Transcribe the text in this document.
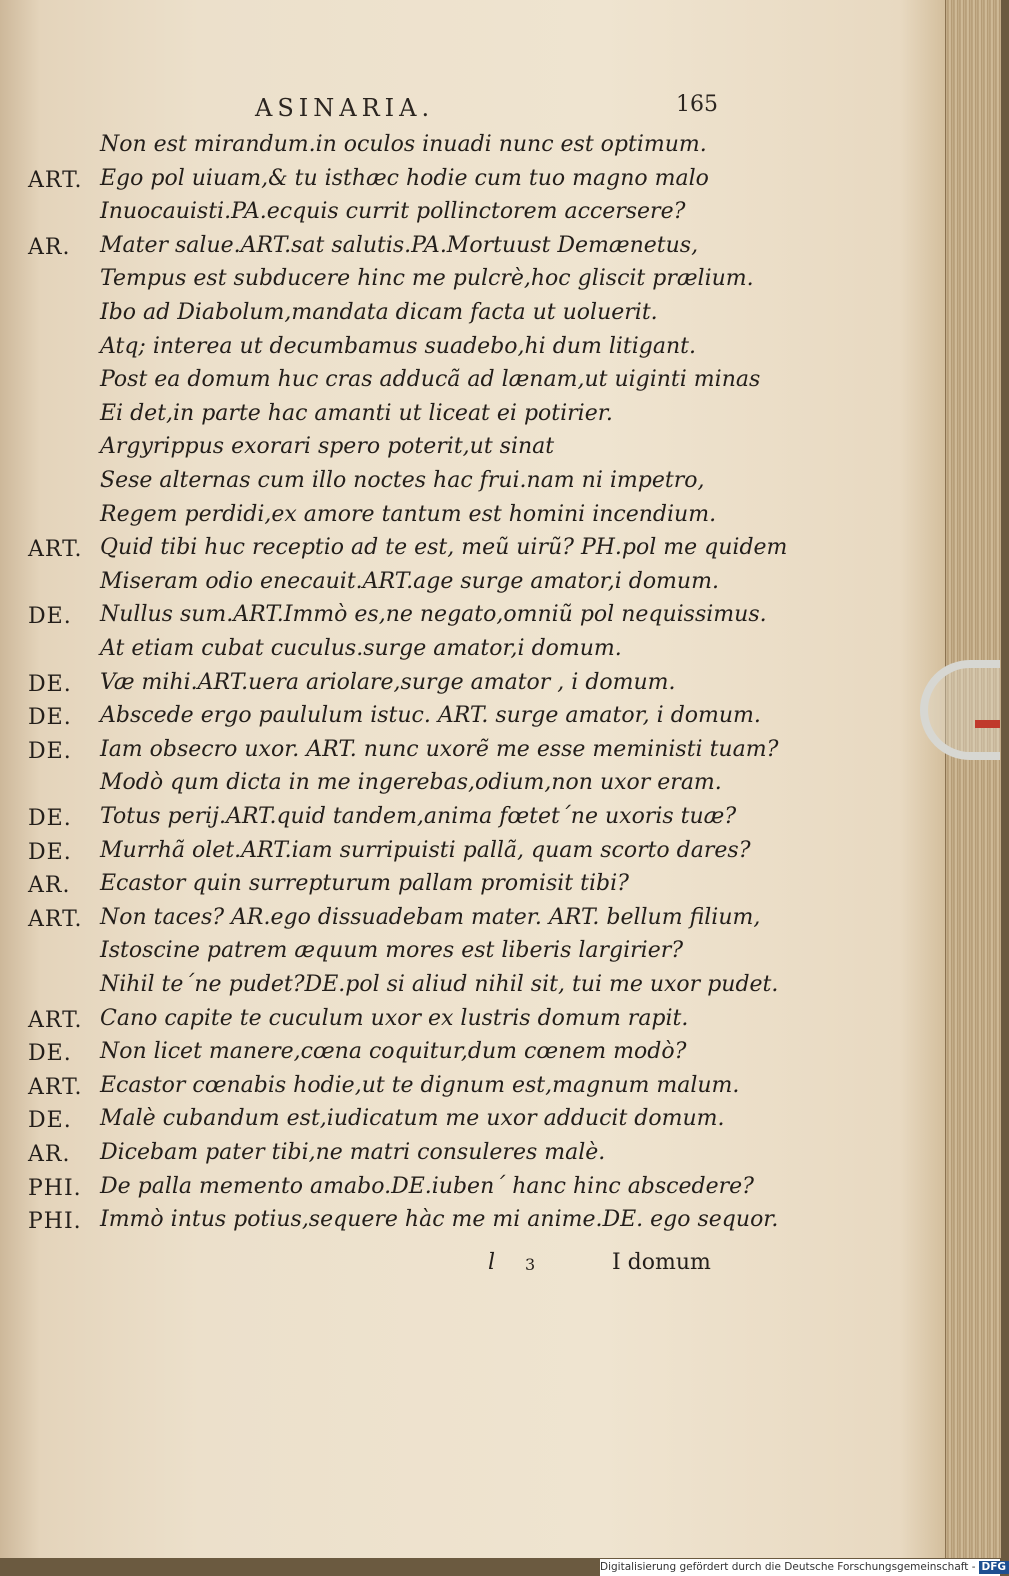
ASINARIA.	165
Non est mirandum.in oculos inuadi nunc est optimum.
ART. Ego pol uiuam,& tu isthæc hodie cum tuo magno malo
Inuocauisti.PA.ecquis currit pollinctorem accersere?
AR. Mater salue.ART.sat salutis.PA.Mortuust Demænetus,
Tempus est subducere hinc me pulcrè,hoc gliscit prælium.
Ibo ad Diabolum,mandata dicam facta ut uoluerit.
Atq; interea ut decumbamus suadebo,hi dum litigant.
Post ea domum huc cras adducã ad lænam,ut uiginti minas
Ei det,in parte hac amanti ut liceat ei potirier.
Argyrippus exorari spero poterit,ut sinat
Sese alternas cum illo noctes hac frui.nam ni impetro,
Regem perdidi,ex amore tantum est homini incendium.
ART. Quid tibi huc receptio ad te est, meũ uirũ? PH.pol me quidem
Miseram odio enecauit.ART.age surge amator,i domum.
DE. Nullus sum.ART.Immò es,ne negato,omniũ pol nequissimus.
At etiam cubat cuculus.surge amator,i domum.
DE. Væ mihi.ART.uera ariolare,surge amator , i domum.
DE. Abscede ergo paululum istuc. ART. surge amator, i domum.
DE. Iam obsecro uxor. ART. nunc uxorẽ me esse meministi tuam?
Modò qum dicta in me ingerebas,odium,non uxor eram.
DE. Totus perij.ART.quid tandem,anima fœtet´ne uxoris tuæ?
DE. Murrhã olet.ART.iam surripuisti pallã, quam scorto dares?
AR. Ecastor quin surrepturum pallam promisit tibi?
ART. Non taces? AR.ego dissuadebam mater. ART. bellum filium,
Istoscine patrem æquum mores est liberis largirier?
Nihil te´ne pudet?DE.pol si aliud nihil sit, tui me uxor pudet.
ART. Cano capite te cuculum uxor ex lustris domum rapit.
DE. Non licet manere,cœna coquitur,dum cœnem modò?
ART. Ecastor cœnabis hodie,ut te dignum est,magnum malum.
DE. Malè cubandum est,iudicatum me uxor adducit domum.
AR. Dicebam pater tibi,ne matri consuleres malè.
PHI. De palla memento amabo.DE.iuben´ hanc hinc abscedere?
PHI. Immò intus potius,sequere hàc me mi anime.DE. ego sequor.
l 3	I domum
Digitalisierung gefördert durch die Deutsche Forschungsgemeinschaft - DFG
